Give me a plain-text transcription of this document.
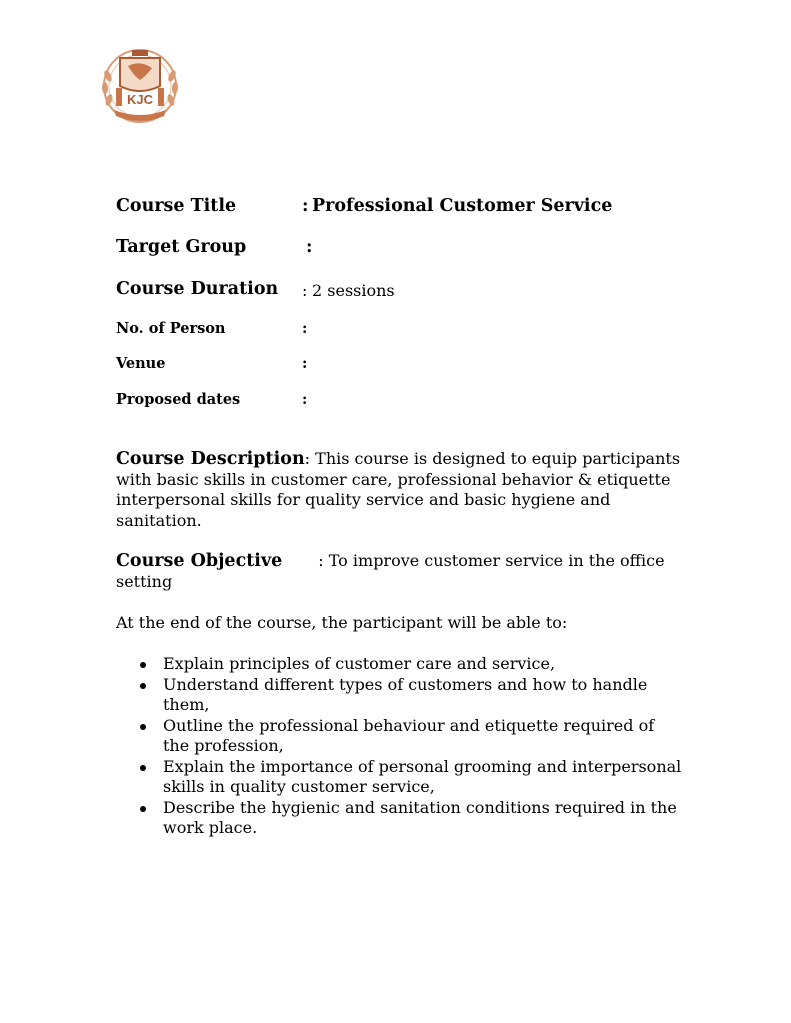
KJC
Course Title	: Professional Customer Service
Target Group	:
Course Duration : 2 sessions
No. of Person	:
Venue	:
Proposed dates	:
Course Description: This course is designed to equip participants with basic skills in customer care, professional behavior & etiquette interpersonal skills for quality service and basic hygiene and sanitation.
Course Objective : To improve customer service in the office setting
At the end of the course, the participant will be able to:
Explain principles of customer care and service,
Understand different types of customers and how to handle them,
Outline the professional behaviour and etiquette required of the profession,
Explain the importance of personal grooming and interpersonal skills in quality customer service,
Describe the hygienic and sanitation conditions required in the work place.
